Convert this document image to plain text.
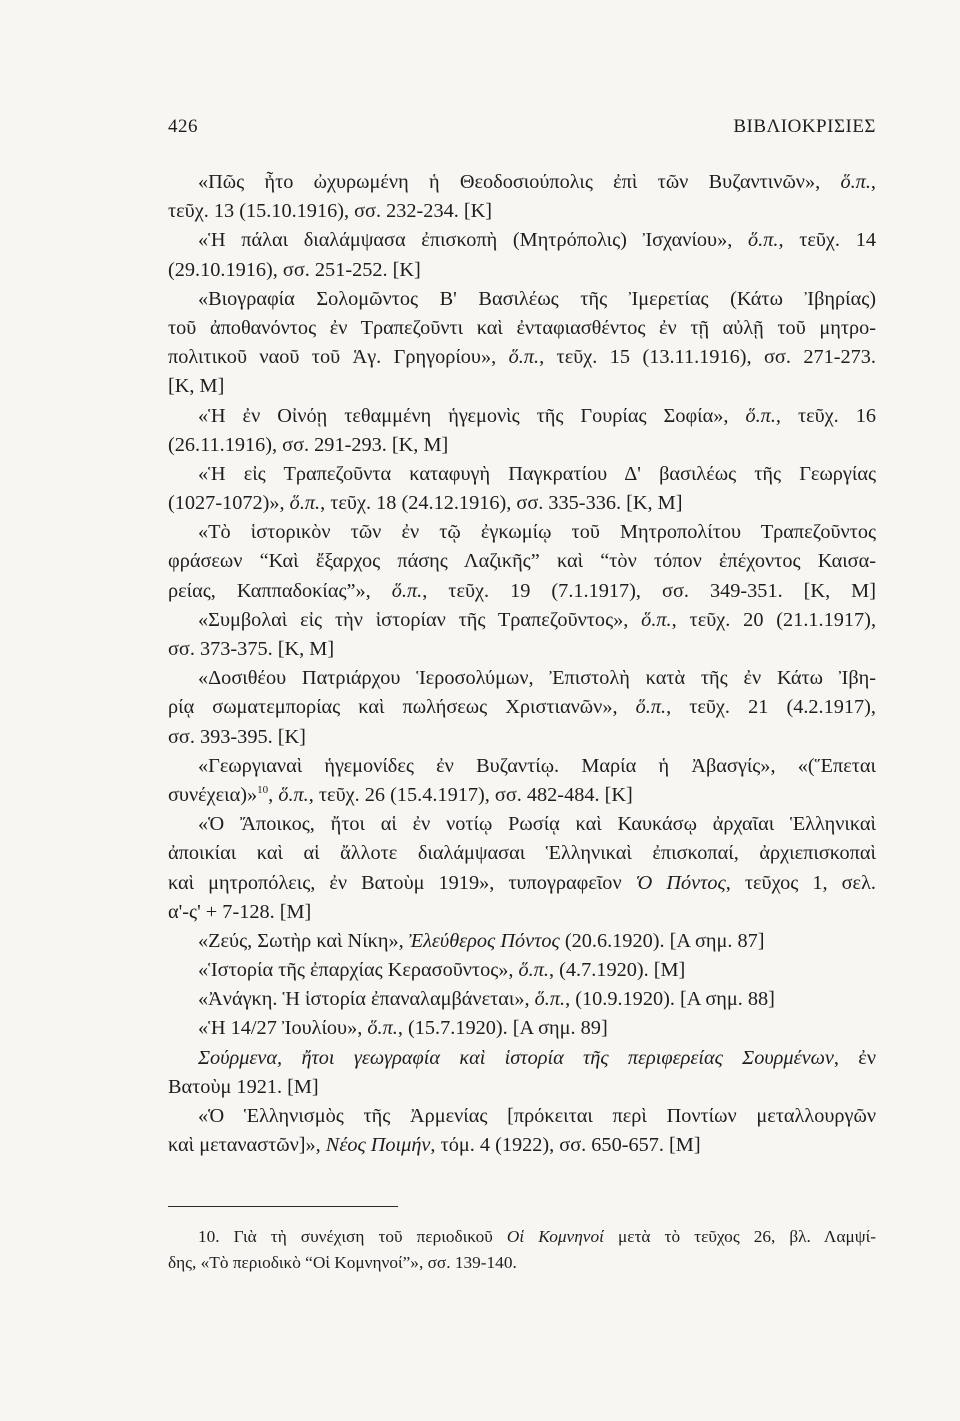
426	ΒΙΒΛΙΟΚΡΙΣΙΕΣ
«Πῶς ἦτο ὠχυρωμένη ἡ Θεοδοσιούπολις ἐπὶ τῶν Βυζαντινῶν», ὅ.π.,
τεῦχ. 13 (15.10.1916), σσ. 232-234. [Κ]
«Ἡ πάλαι διαλάμψασα ἐπισκοπὴ (Μητρόπολις) Ἰσχανίου», ὅ.π., τεῦχ. 14
(29.10.1916), σσ. 251-252. [Κ]
«Βιογραφία Σολομῶντος Β' Βασιλέως τῆς Ἰμερετίας (Κάτω Ἰβηρίας)
τοῦ ἀποθανόντος ἐν Τραπεζοῦντι καὶ ἐνταφιασθέντος ἐν τῇ αὐλῇ τοῦ μητρο-
πολιτικοῦ ναοῦ τοῦ Ἁγ. Γρηγορίου», ὅ.π., τεῦχ. 15 (13.11.1916), σσ. 271-273.
[Κ, Μ]
«Ἡ ἐν Οἰνόῃ τεθαμμένη ἡγεμονὶς τῆς Γουρίας Σοφία», ὅ.π., τεῦχ. 16
(26.11.1916), σσ. 291-293. [Κ, Μ]
«Ἡ εἰς Τραπεζοῦντα καταφυγὴ Παγκρατίου Δ' βασιλέως τῆς Γεωργίας
(1027-1072)», ὅ.π., τεῦχ. 18 (24.12.1916), σσ. 335-336. [Κ, Μ]
«Τὸ ἱστορικὸν τῶν ἐν τῷ ἐγκωμίῳ τοῦ Μητροπολίτου Τραπεζοῦντος
φράσεων “Καὶ ἔξαρχος πάσης Λαζικῆς” καὶ “τὸν τόπον ἐπέχοντος Καισα-
ρείας, Καππαδοκίας”», ὅ.π., τεῦχ. 19 (7.1.1917), σσ. 349-351. [Κ, Μ]
«Συμβολαὶ εἰς τὴν ἱστορίαν τῆς Τραπεζοῦντος», ὅ.π., τεῦχ. 20 (21.1.1917),
σσ. 373-375. [Κ, Μ]
«Δοσιθέου Πατριάρχου Ἱεροσολύμων, Ἐπιστολὴ κατὰ τῆς ἐν Κάτω Ἰβη-
ρίᾳ σωματεμπορίας καὶ πωλήσεως Χριστιανῶν», ὅ.π., τεῦχ. 21 (4.2.1917),
σσ. 393-395. [Κ]
«Γεωργιαναὶ ἡγεμονίδες ἐν Βυζαντίῳ. Μαρία ἡ Ἀβασγίς», «(Ἕπεται
συνέχεια)»$^{10}$, ὅ.π., τεῦχ. 26 (15.4.1917), σσ. 482-484. [Κ]
«Ὁ Ἄποικος, ἤτοι αἱ ἐν νοτίῳ Ρωσίᾳ καὶ Καυκάσῳ ἀρχαῖαι Ἑλληνικαὶ
ἀποικίαι καὶ αἱ ἄλλοτε διαλάμψασαι Ἑλληνικαὶ ἐπισκοπαί, ἀρχιεπισκοπαὶ
καὶ μητροπόλεις, ἐν Βατοὺμ 1919», τυπογραφεῖον Ὁ Πόντος, τεῦχος 1, σελ.
α'-ς' + 7-128. [Μ]
«Ζεύς, Σωτὴρ καὶ Νίκη», Ἐλεύθερος Πόντος (20.6.1920). [Α σημ. 87]
«Ἱστορία τῆς ἐπαρχίας Κερασοῦντος», ὅ.π., (4.7.1920). [Μ]
«Ἀνάγκη. Ἡ ἱστορία ἐπαναλαμβάνεται», ὅ.π., (10.9.1920). [Α σημ. 88]
«Ἡ 14/27 Ἰουλίου», ὅ.π., (15.7.1920). [Α σημ. 89]
Σούρμενα, ἤτοι γεωγραφία καὶ ἱστορία τῆς περιφερείας Σουρμένων, ἐν
Βατοὺμ 1921. [Μ]
«Ὁ Ἑλληνισμὸς τῆς Ἀρμενίας [πρόκειται περὶ Ποντίων μεταλλουργῶν
καὶ μεταναστῶν]», Νέος Ποιμήν, τόμ. 4 (1922), σσ. 650-657. [Μ]
10. Γιὰ τὴ συνέχιση τοῦ περιοδικοῦ Οἱ Κομνηνοί μετὰ τὸ τεῦχος 26, βλ. Λαμψί-
δης, «Τὸ περιοδικὸ “Οἱ Κομνηνοί”», σσ. 139-140.
